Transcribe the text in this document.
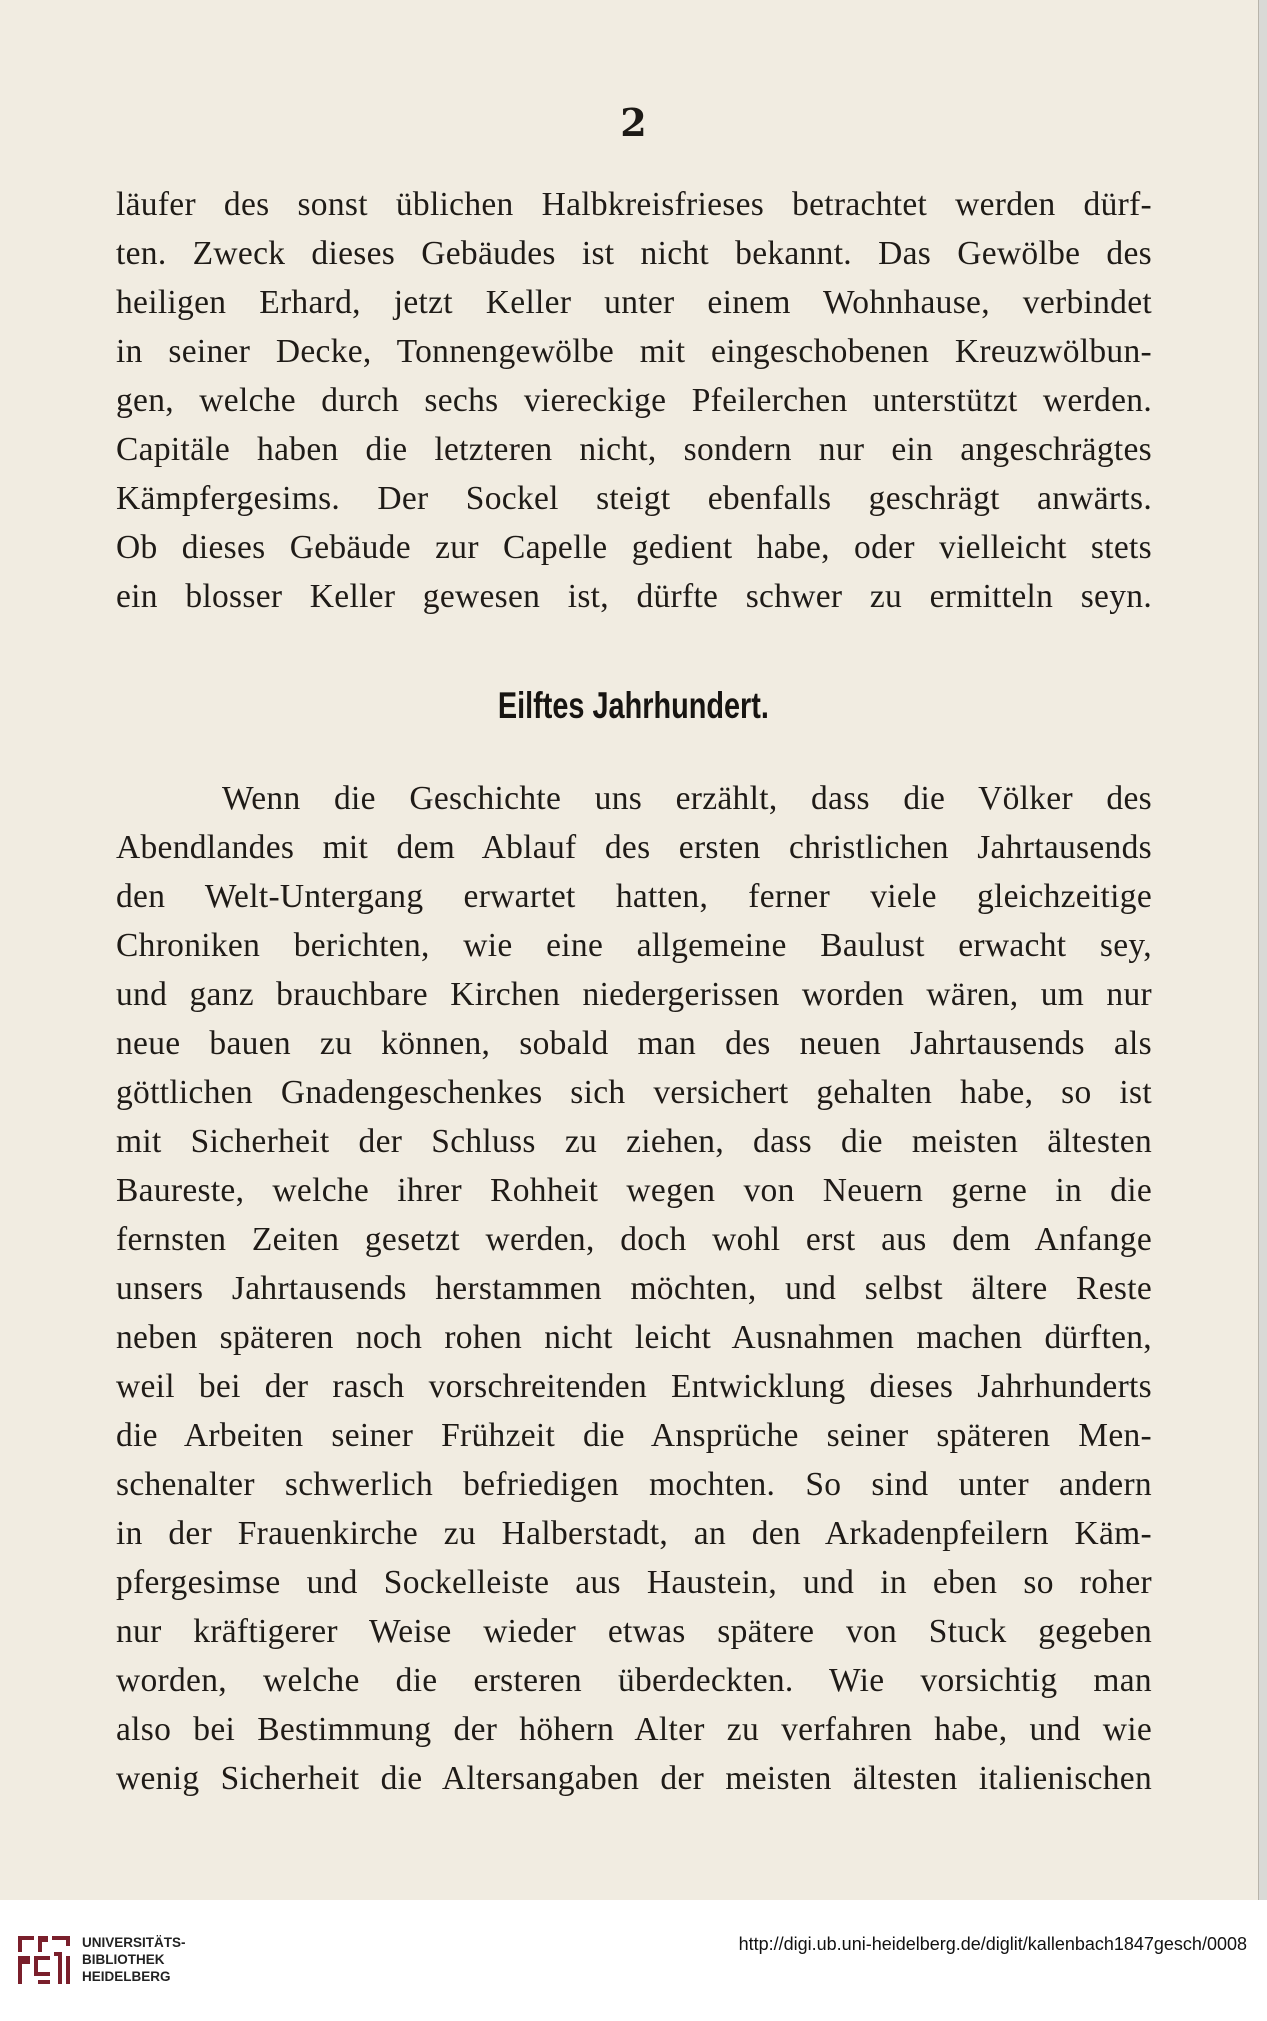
2
läufer des sonst üblichen Halbkreisfrieses betrachtet werden dürf-
ten. Zweck dieses Gebäudes ist nicht bekannt. Das Gewölbe des
heiligen Erhard, jetzt Keller unter einem Wohnhause, verbindet
in seiner Decke, Tonnengewölbe mit eingeschobenen Kreuzwölbun-
gen, welche durch sechs viereckige Pfeilerchen unterstützt werden.
Capitäle haben die letzteren nicht, sondern nur ein angeschrägtes
Kämpfergesims. Der Sockel steigt ebenfalls geschrägt anwärts.
Ob dieses Gebäude zur Capelle gedient habe, oder vielleicht stets
ein blosser Keller gewesen ist, dürfte schwer zu ermitteln seyn.
Eilftes Jahrhundert.
Wenn die Geschichte uns erzählt, dass die Völker des
Abendlandes mit dem Ablauf des ersten christlichen Jahrtausends
den Welt-Untergang erwartet hatten, ferner viele gleichzeitige
Chroniken berichten, wie eine allgemeine Baulust erwacht sey,
und ganz brauchbare Kirchen niedergerissen worden wären, um nur
neue bauen zu können, sobald man des neuen Jahrtausends als
göttlichen Gnadengeschenkes sich versichert gehalten habe, so ist
mit Sicherheit der Schluss zu ziehen, dass die meisten ältesten
Baureste, welche ihrer Rohheit wegen von Neuern gerne in die
fernsten Zeiten gesetzt werden, doch wohl erst aus dem Anfange
unsers Jahrtausends herstammen möchten, und selbst ältere Reste
neben späteren noch rohen nicht leicht Ausnahmen machen dürften,
weil bei der rasch vorschreitenden Entwicklung dieses Jahrhunderts
die Arbeiten seiner Frühzeit die Ansprüche seiner späteren Men-
schenalter schwerlich befriedigen mochten. So sind unter andern
in der Frauenkirche zu Halberstadt, an den Arkadenpfeilern Käm-
pfergesimse und Sockelleiste aus Haustein, und in eben so roher
nur kräftigerer Weise wieder etwas spätere von Stuck gegeben
worden, welche die ersteren überdeckten. Wie vorsichtig man
also bei Bestimmung der höhern Alter zu verfahren habe, und wie
wenig Sicherheit die Altersangaben der meisten ältesten italienischen
UNIVERSITÄTS-
BIBLIOTHEK
HEIDELBERG
http://digi.ub.uni-heidelberg.de/diglit/kallenbach1847gesch/0008
